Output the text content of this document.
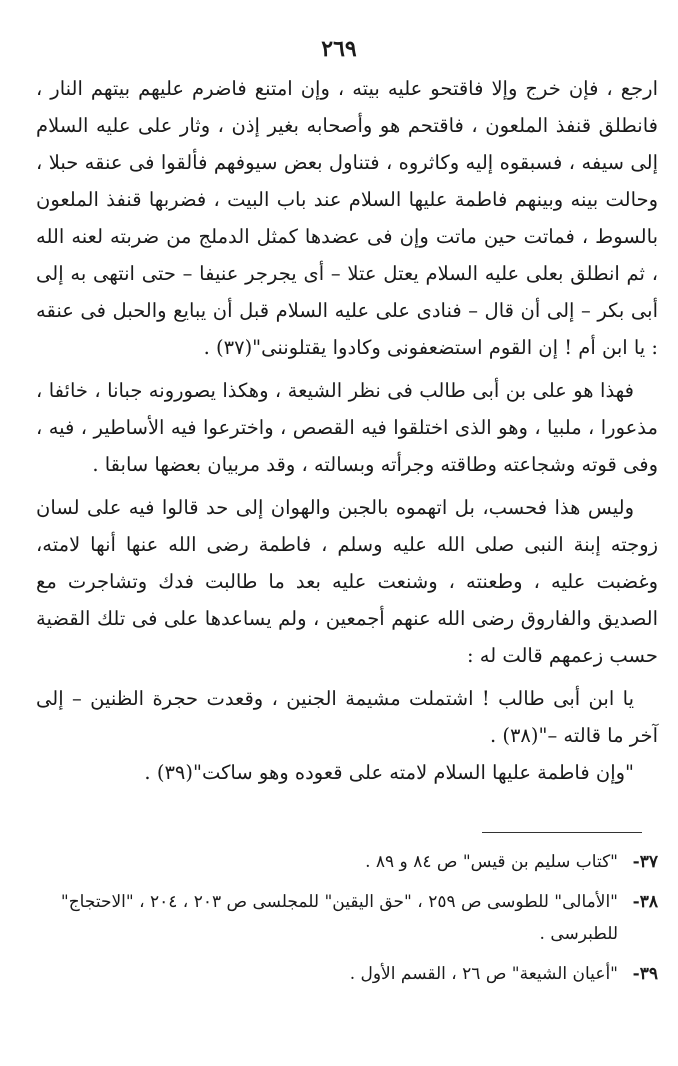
٢٦٩

ارجع ، فإن خرج وإلا فاقتحو عليه بيته ، وإن امتنع فاضرم عليهم بيتهم النار ، فانطلق قنفذ الملعون ، فاقتحم هو وأصحابه بغير إذن ، وثار على عليه السلام إلى سيفه ، فسبقوه إليه وكاثروه ، فتناول بعض سيوفهم فألقوا فى عنقه حبلا ، وحالت بينه وبينهم فاطمة عليها السلام عند باب البيت ، فضربها قنفذ الملعون بالسوط ، فماتت حين ماتت وإن فى عضدها كمثل الدملج من ضربته لعنه الله ، ثم انطلق بعلى عليه السلام يعتل عتلا – أى يجرجر عنيفا – حتى انتهى به إلى أبى بكر – إلى أن قال – فنادى على عليه السلام قبل أن يبايع والحبل فى عنقه : يا ابن أم ! إن القوم استضعفونى وكادوا يقتلوننى"(٣٧) .

فهذا هو على بن أبى طالب فى نظر الشيعة ، وهكذا يصورونه جبانا ، خائفا ، مذعورا ، ملبيا ، وهو الذى اختلقوا فيه القصص ، واخترعوا فيه الأساطير ، فيه ، وفى قوته وشجاعته وطاقته وجرأته وبسالته ، وقد مربيان بعضها سابقا .

وليس هذا فحسب، بل اتهموه بالجبن والهوان إلى حد قالوا فيه على لسان زوجته إبنة النبى صلى الله عليه وسلم ، فاطمة رضى الله عنها أنها لامته، وغضبت عليه ، وطعنته ، وشنعت عليه بعد ما طالبت فدك وتشاجرت مع الصديق والفاروق رضى الله عنهم أجمعين ، ولم يساعدها على فى تلك القضية حسب زعمهم قالت له :

يا ابن أبى طالب ! اشتملت مشيمة الجنين ، وقعدت حجرة الظنين – إلى آخر ما قالته –"(٣٨) .

"وإن فاطمة عليها السلام لامته على قعوده وهو ساكت"(٣٩) .

٣٧-
"كتاب سليم بن قيس" ص ٨٤ و ٨٩ .
٣٨-
"الأمالى" للطوسى ص ٢٥٩ ، "حق اليقين" للمجلسى ص ٢٠٣ ، ٢٠٤ ، "الاحتجاج" للطبرسى .
٣٩-
"أعيان الشيعة" ص ٢٦ ، القسم الأول .
